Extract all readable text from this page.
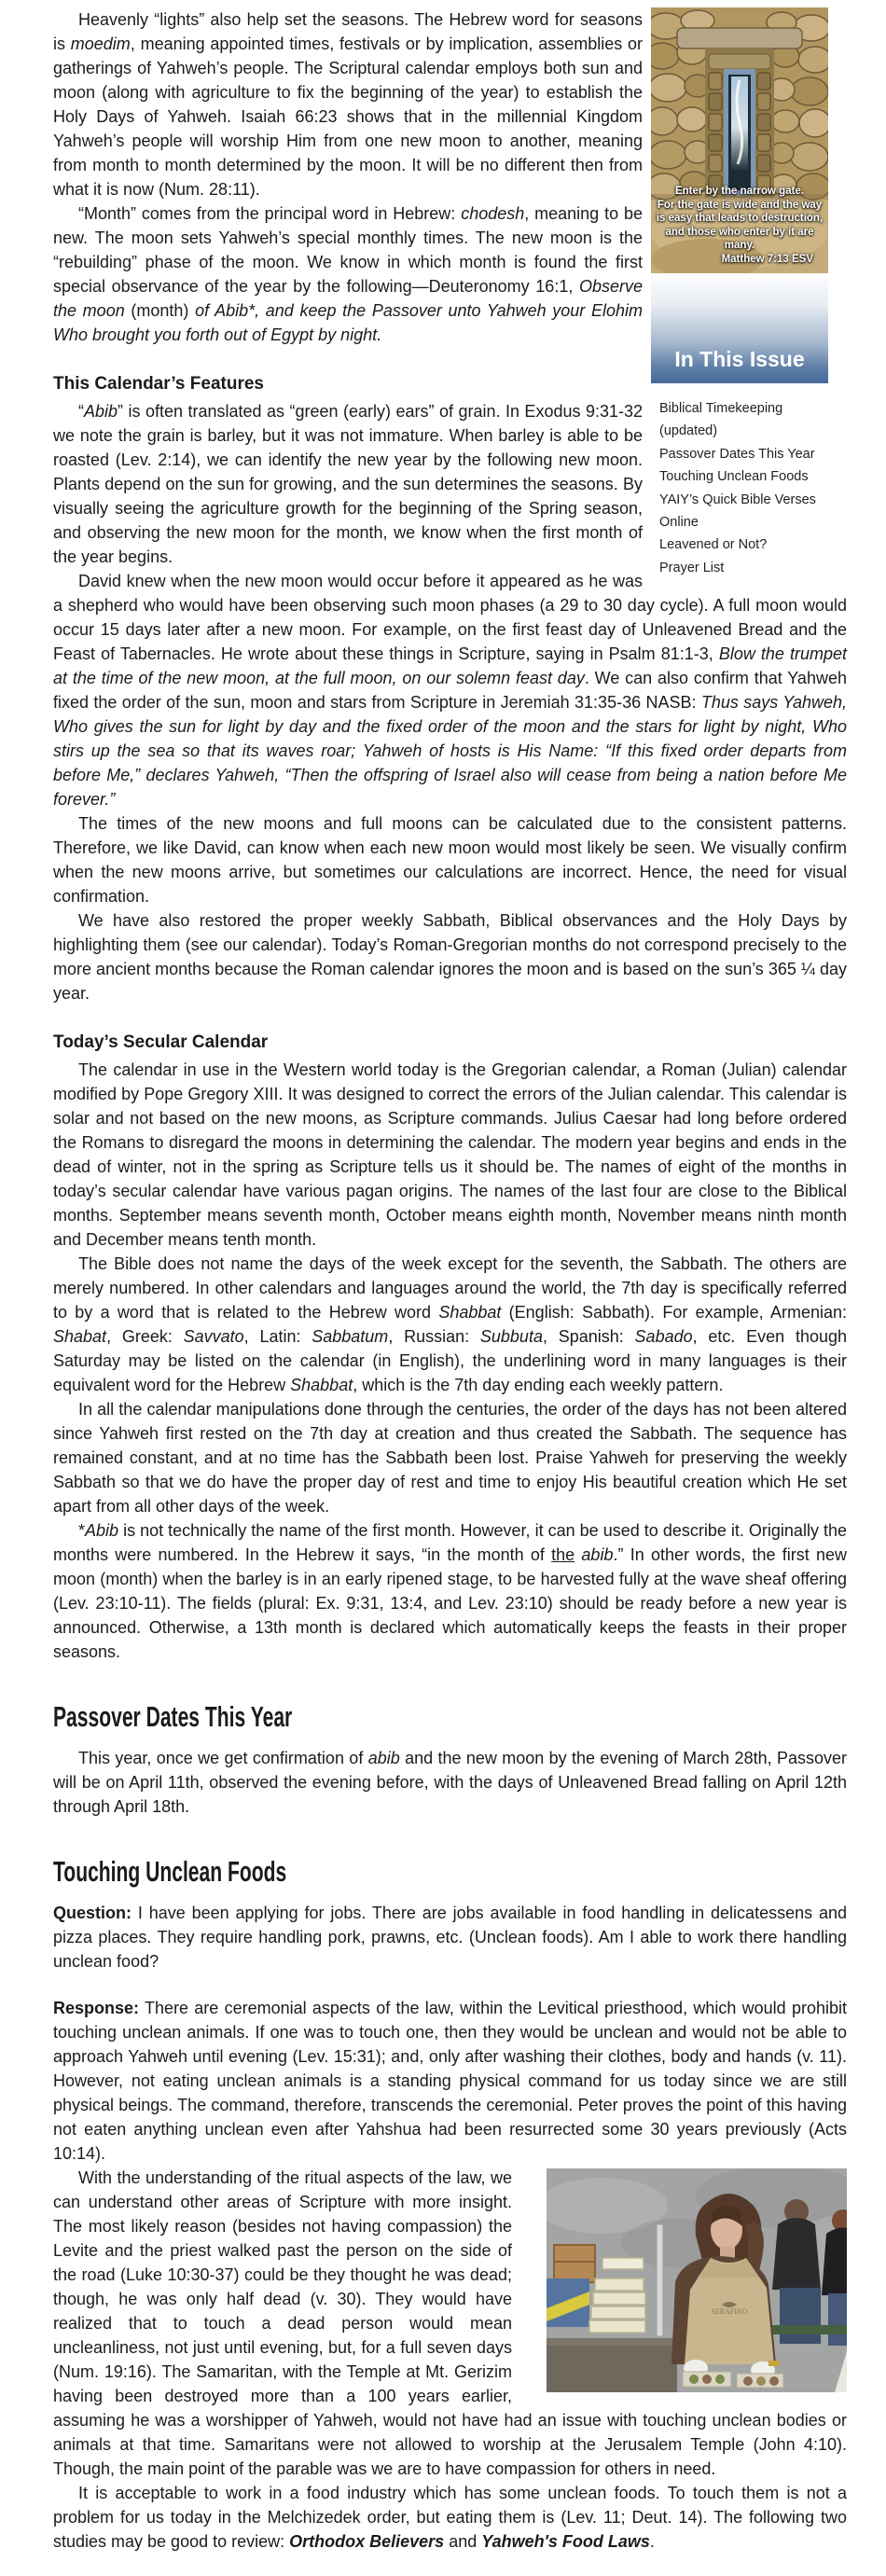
Enter by the narrow gate.
For the gate is wide and the way
is easy that leads to destruction,
and those who enter by it are many.
Matthew 7:13 ESV
In This Issue
Biblical Timekeeping (updated)
Passover Dates This Year
Touching Unclean Foods
YAIY’s Quick Bible Verses Online
Leavened or Not?
Prayer List

Heavenly “lights” also help set the seasons. The Hebrew word for seasons is moedim, meaning appointed times, festivals or by implication, assemblies or gatherings of Yahweh’s people. The Scriptural calendar employs both sun and moon (along with agriculture to fix the beginning of the year) to establish the Holy Days of Yahweh. Isaiah 66:23 shows that in the millennial Kingdom Yahweh’s people will worship Him from one new moon to another, meaning from month to month determined by the moon. It will be no different then from what it is now (Num. 28:11).

“Month” comes from the principal word in Hebrew: chodesh, meaning to be new. The moon sets Yahweh’s special monthly times. The new moon is the “rebuilding” phase of the moon. We know in which month is found the first special observance of the year by the following—Deuteronomy 16:1, Observe the moon (month) of Abib*, and keep the Passover unto Yahweh your Elohim Who brought you forth out of Egypt by night.

This Calendar’s Features

“Abib” is often translated as “green (early) ears” of grain. In Exodus 9:31-32 we note the grain is barley, but it was not immature. When barley is able to be roasted (Lev. 2:14), we can identify the new year by the following new moon. Plants depend on the sun for growing, and the sun determines the seasons. By visually seeing the agriculture growth for the beginning of the Spring season, and observing the new moon for the month, we know when the first month of the year begins.

David knew when the new moon would occur before it appeared as he was a shepherd who would have been observing such moon phases (a 29 to 30 day cycle). A full moon would occur 15 days later after a new moon. For example, on the first feast day of Unleavened Bread and the Feast of Tabernacles. He wrote about these things in Scripture, saying in Psalm 81:1-3, Blow the trumpet at the time of the new moon, at the full moon, on our solemn feast day. We can also confirm that Yahweh fixed the order of the sun, moon and stars from Scripture in Jeremiah 31:35-36 NASB: Thus says Yahweh, Who gives the sun for light by day and the fixed order of the moon and the stars for light by night, Who stirs up the sea so that its waves roar; Yahweh of hosts is His Name: “If this fixed order departs from before Me,” declares Yahweh, “Then the offspring of Israel also will cease from being a nation before Me forever.”

The times of the new moons and full moons can be calculated due to the consistent patterns. Therefore, we like David, can know when each new moon would most likely be seen. We visually confirm when the new moons arrive, but sometimes our calculations are incorrect. Hence, the need for visual confirmation.

We have also restored the proper weekly Sabbath, Biblical observances and the Holy Days by highlighting them (see our calendar). Today’s Roman-Gregorian months do not correspond precisely to the more ancient months because the Roman calendar ignores the moon and is based on the sun’s 365 ¼ day year.

Today’s Secular Calendar

The calendar in use in the Western world today is the Gregorian calendar, a Roman (Julian) calendar modified by Pope Gregory XIII. It was designed to correct the errors of the Julian calendar. This calendar is solar and not based on the new moons, as Scripture commands. Julius Caesar had long before ordered the Romans to disregard the moons in determining the calendar. The modern year begins and ends in the dead of winter, not in the spring as Scripture tells us it should be. The names of eight of the months in today’s secular calendar have various pagan origins. The names of the last four are close to the Biblical months. September means seventh month, October means eighth month, November means ninth month and December means tenth month.

The Bible does not name the days of the week except for the seventh, the Sabbath. The others are merely numbered. In other calendars and languages around the world, the 7th day is specifically referred to by a word that is related to the Hebrew word Shabbat (English: Sabbath). For example, Armenian: Shabat, Greek: Savvato, Latin: Sabbatum, Russian: Subbuta, Spanish: Sabado, etc. Even though Saturday may be listed on the calendar (in English), the underlining word in many languages is their equivalent word for the Hebrew Shabbat, which is the 7th day ending each weekly pattern.

In all the calendar manipulations done through the centuries, the order of the days has not been altered since Yahweh first rested on the 7th day at creation and thus created the Sabbath. The sequence has remained constant, and at no time has the Sabbath been lost. Praise Yahweh for preserving the weekly Sabbath so that we do have the proper day of rest and time to enjoy His beautiful creation which He set apart from all other days of the week.

*Abib is not technically the name of the first month. However, it can be used to describe it. Originally the months were numbered. In the Hebrew it says, “in the month of the abib.” In other words, the first new moon (month) when the barley is in an early ripened stage, to be harvested fully at the wave sheaf offering (Lev. 23:10-11). The fields (plural: Ex. 9:31, 13:4, and Lev. 23:10) should be ready before a new year is announced. Otherwise, a 13th month is declared which automatically keeps the feasts in their proper seasons.

Passover Dates This Year

This year, once we get confirmation of abib and the new moon by the evening of March 28th, Passover will be on April 11th, observed the evening before, with the days of Unleavened Bread falling on April 12th through April 18th.

Touching Unclean Foods

Question: I have been applying for jobs. There are jobs available in food handling in delicatessens and pizza places. They require handling pork, prawns, etc. (Unclean foods). Am I able to work there handling unclean food?

Response: There are ceremonial aspects of the law, within the Levitical priesthood, which would prohibit touching unclean animals. If one was to touch one, then they would be unclean and would not be able to approach Yahweh until evening (Lev. 15:31); and, only after washing their clothes, body and hands (v. 11). However, not eating unclean animals is a standing physical command for us today since we are still physical beings. The command, therefore, transcends the ceremonial. Peter proves the point of this having not eaten anything unclean even after Yahshua had been resurrected some 30 years previously (Acts 10:14).

SERAFINO
With the understanding of the ritual aspects of the law, we can understand other areas of Scripture with more insight. The most likely reason (besides not having compassion) the Levite and the priest walked past the person on the side of the road (Luke 10:30-37) could be they thought he was dead; though, he was only half dead (v. 30). They would have realized that to touch a dead person would mean uncleanliness, not just until evening, but, for a full seven days (Num. 19:16). The Samaritan, with the Temple at Mt. Gerizim having been destroyed more than a 100 years earlier, assuming he was a worshipper of Yahweh, would not have had an issue with touching unclean bodies or animals at that time. Samaritans were not allowed to worship at the Jerusalem Temple (John 4:10). Though, the main point of the parable was we are to have compassion for others in need.

It is acceptable to work in a food industry which has some unclean foods. To touch them is not a problem for us today in the Melchizedek order, but eating them is (Lev. 11; Deut. 14). The following two studies may be good to review: Orthodox Believers and Yahweh's Food Laws.
